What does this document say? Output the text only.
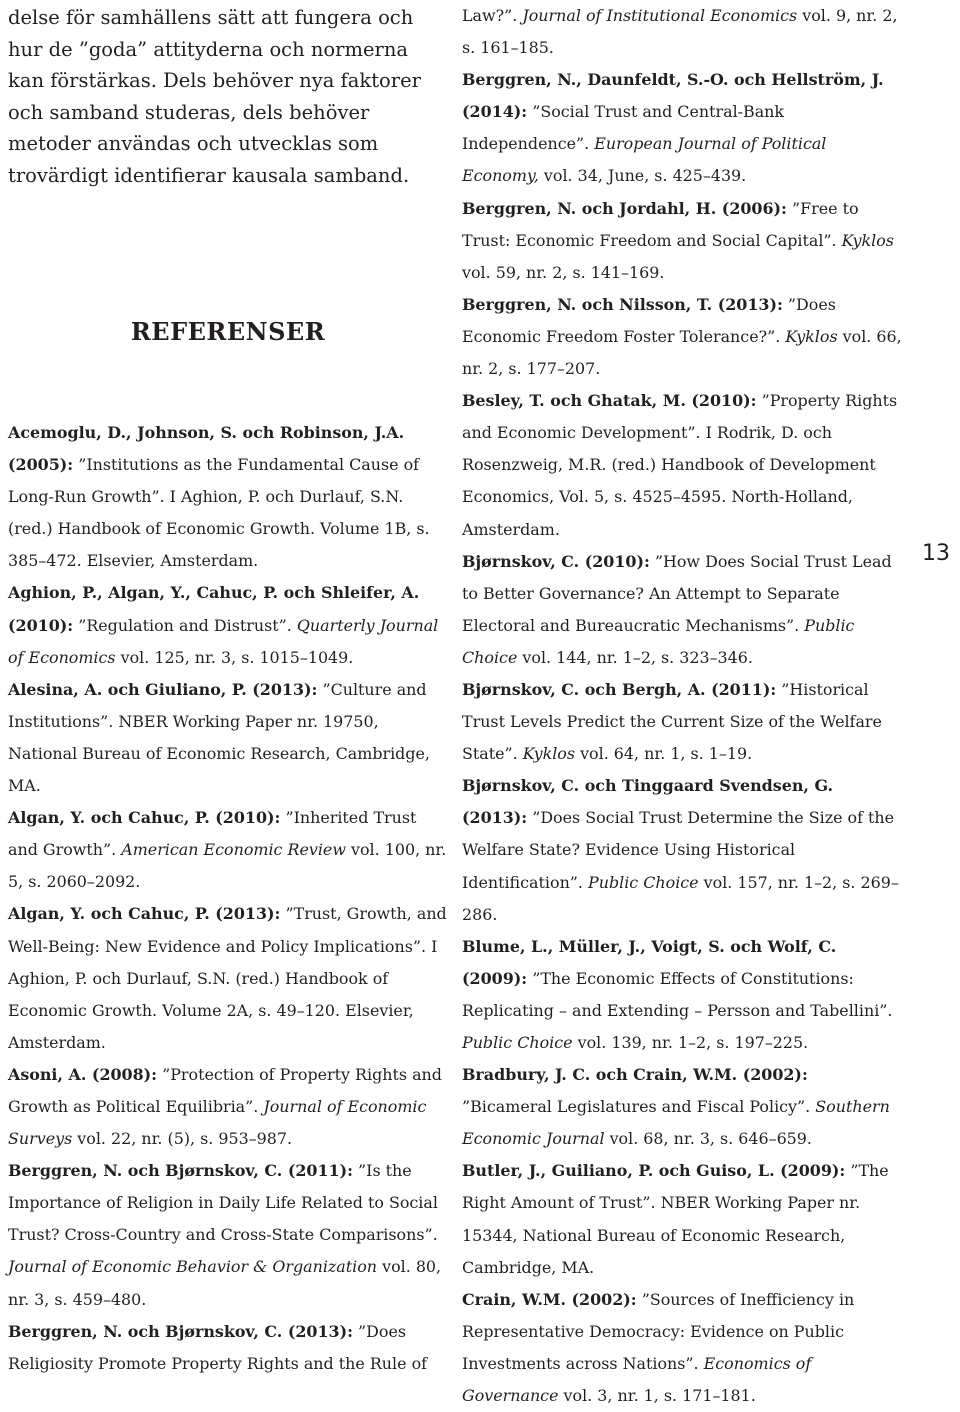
delse för samhällens sätt att fungera och hur de ”goda” attityderna och normerna kan förstärkas. Dels behöver nya faktorer och samband studeras, dels behöver metoder användas och utvecklas som trovärdigt identifierar kausala samband.

REFERENSER

Acemoglu, D., Johnson, S. och Robinson, J.A. (2005): ”Institutions as the Fundamental Cause of Long-Run Growth”. I Aghion, P. och Durlauf, S.N. (red.) Handbook of Economic Growth. Volume 1B, s. 385–472. Elsevier, Amsterdam.

Aghion, P., Algan, Y., Cahuc, P. och Shleifer, A. (2010): ”Regulation and Distrust”. Quarterly Journal of Economics vol. 125, nr. 3, s. 1015–1049.

Alesina, A. och Giuliano, P. (2013): ”Culture and Institutions”. NBER Working Paper nr. 19750, National Bureau of Economic Research, Cambridge, MA.

Algan, Y. och Cahuc, P. (2010): ”Inherited Trust and Growth”. American Economic Review vol. 100, nr. 5, s. 2060–2092.

Algan, Y. och Cahuc, P. (2013): ”Trust, Growth, and Well-Being: New Evidence and Policy Implications”. I Aghion, P. och Durlauf, S.N. (red.) Handbook of Economic Growth. Volume 2A, s. 49–120. Elsevier, Amsterdam.

Asoni, A. (2008): ”Protection of Property Rights and Growth as Political Equilibria”. Journal of Economic Surveys vol. 22, nr. (5), s. 953–987.

Berggren, N. och Bjørnskov, C. (2011): ”Is the Importance of Religion in Daily Life Related to Social Trust? Cross-Country and Cross-State Comparisons”. Journal of Economic Behavior & Organization vol. 80, nr. 3, s. 459–480.

Berggren, N. och Bjørnskov, C. (2013): ”Does Religiosity Promote Property Rights and the Rule of

Law?”. Journal of Institutional Economics vol. 9, nr. 2, s. 161–185.

Berggren, N., Daunfeldt, S.-O. och Hellström, J. (2014): ”Social Trust and Central-Bank Independence”. European Journal of Political Economy, vol. 34, June, s. 425–439.

Berggren, N. och Jordahl, H. (2006): ”Free to Trust: Economic Freedom and Social Capital”. Kyklos vol. 59, nr. 2, s. 141–169.

Berggren, N. och Nilsson, T. (2013): ”Does Economic Freedom Foster Tolerance?”. Kyklos vol. 66, nr. 2, s. 177–207.

Besley, T. och Ghatak, M. (2010): ”Property Rights and Economic Development”. I Rodrik, D. och Rosenzweig, M.R. (red.) Handbook of Development Economics, Vol. 5, s. 4525–4595. North-Holland, Amsterdam.

Bjørnskov, C. (2010): ”How Does Social Trust Lead to Better Governance? An Attempt to Separate Electoral and Bureaucratic Mechanisms”. Public Choice vol. 144, nr. 1–2, s. 323–346.

Bjørnskov, C. och Bergh, A. (2011): ”Historical Trust Levels Predict the Current Size of the Welfare State”. Kyklos vol. 64, nr. 1, s. 1–19.

Bjørnskov, C. och Tinggaard Svendsen, G. (2013): ”Does Social Trust Determine the Size of the Welfare State? Evidence Using Historical Identification”. Public Choice vol. 157, nr. 1–2, s. 269–286.

Blume, L., Müller, J., Voigt, S. och Wolf, C. (2009): ”The Economic Effects of Constitutions: Replicating – and Extending – Persson and Tabellini”. Public Choice vol. 139, nr. 1–2, s. 197–225.

Bradbury, J. C. och Crain, W.M. (2002): ”Bicameral Legislatures and Fiscal Policy”. Southern Economic Journal vol. 68, nr. 3, s. 646–659.

Butler, J., Guiliano, P. och Guiso, L. (2009): ”The Right Amount of Trust”. NBER Working Paper nr. 15344, National Bureau of Economic Research, Cambridge, MA.

Crain, W.M. (2002): ”Sources of Inefficiency in Representative Democracy: Evidence on Public Investments across Nations”. Economics of Governance vol. 3, nr. 1, s. 171–181.

13
